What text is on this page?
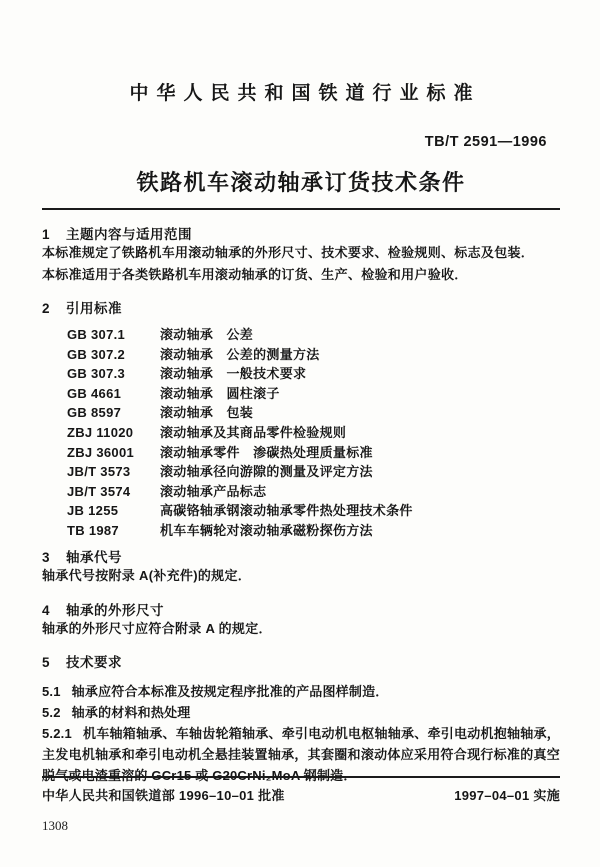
中华人民共和国铁道行业标准
TB/T 2591—1996
铁路机车滚动轴承订货技术条件
1 主题内容与适用范围

本标准规定了铁路机车用滚动轴承的外形尺寸、技术要求、检验规则、标志及包装．

本标准适用于各类铁路机车用滚动轴承的订货、生产、检验和用户验收．

2 引用标准
GB 307.1	滚动轴承　公差
GB 307.2	滚动轴承　公差的测量方法
GB 307.3	滚动轴承　一般技术要求
GB 4661	滚动轴承　圆柱滚子
GB 8597	滚动轴承　包装
ZBJ 11020 滚动轴承及其商品零件检验规则
ZBJ 36001 滚动轴承零件　渗碳热处理质量标准
JB/T 3573 滚动轴承径向游隙的测量及评定方法
JB/T 3574 滚动轴承产品标志
JB 1255	高碳铬轴承钢滚动轴承零件热处理技术条件
TB 1987	机车车辆轮对滚动轴承磁粉探伤方法
3 轴承代号

轴承代号按附录 A(补充件)的规定．

4 轴承的外形尺寸

轴承的外形尺寸应符合附录 A 的规定．

5 技术要求

5.1 轴承应符合本标准及按规定程序批准的产品图样制造．

5.2 轴承的材料和热处理

5.2.1 机车轴箱轴承、车轴齿轮箱轴承、牵引电动机电枢轴轴承、牵引电动机抱轴轴承，主发电机轴承和牵引电动机全悬挂装置轴承，其套圈和滚动体应采用符合现行标准的真空脱气或电渣重溶的 GCr15 或 G20CrNi₂MoA 钢制造．

中华人民共和国铁道部 1996–10–01 批准	1997–04–01 实施
1308
